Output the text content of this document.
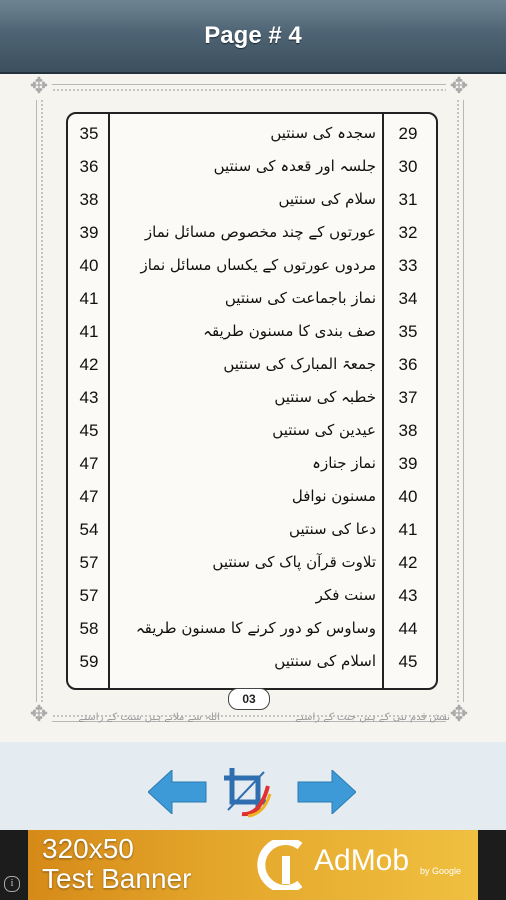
Page # 4
✥	✥
✥	✥
35	سجدہ کی سنتیں	29
36	جلسہ اور قعدہ کی سنتیں	30
38	سلام کی سنتیں	31
39	عورتوں کے چند مخصوص مسائل نماز	32
40	مردوں عورتوں کے یکساں مسائل نماز	33
41	نماز باجماعت کی سنتیں	34
41	صف بندی کا مسنون طریقہ	35
42	جمعۃ المبارک کی سنتیں	36
43	خطبہ کی سنتیں	37
45	عیدین کی سنتیں	38
47	نماز جنازہ	39
47	مسنون نوافل	40
54	دعا کی سنتیں	41
57	تلاوت قرآن پاک کی سنتیں	42
57	سنت فکر	43
58	وساوس کو دور کرنے کا مسنون طریقہ	44
59	اسلام کی سنتیں	45
03
نقش قدم نبی کے ہیں جنت کے راستے
اللہ سے ملاتے ہیں سنت کے راستے
i
320x50
Test Banner
AdMob by Google
